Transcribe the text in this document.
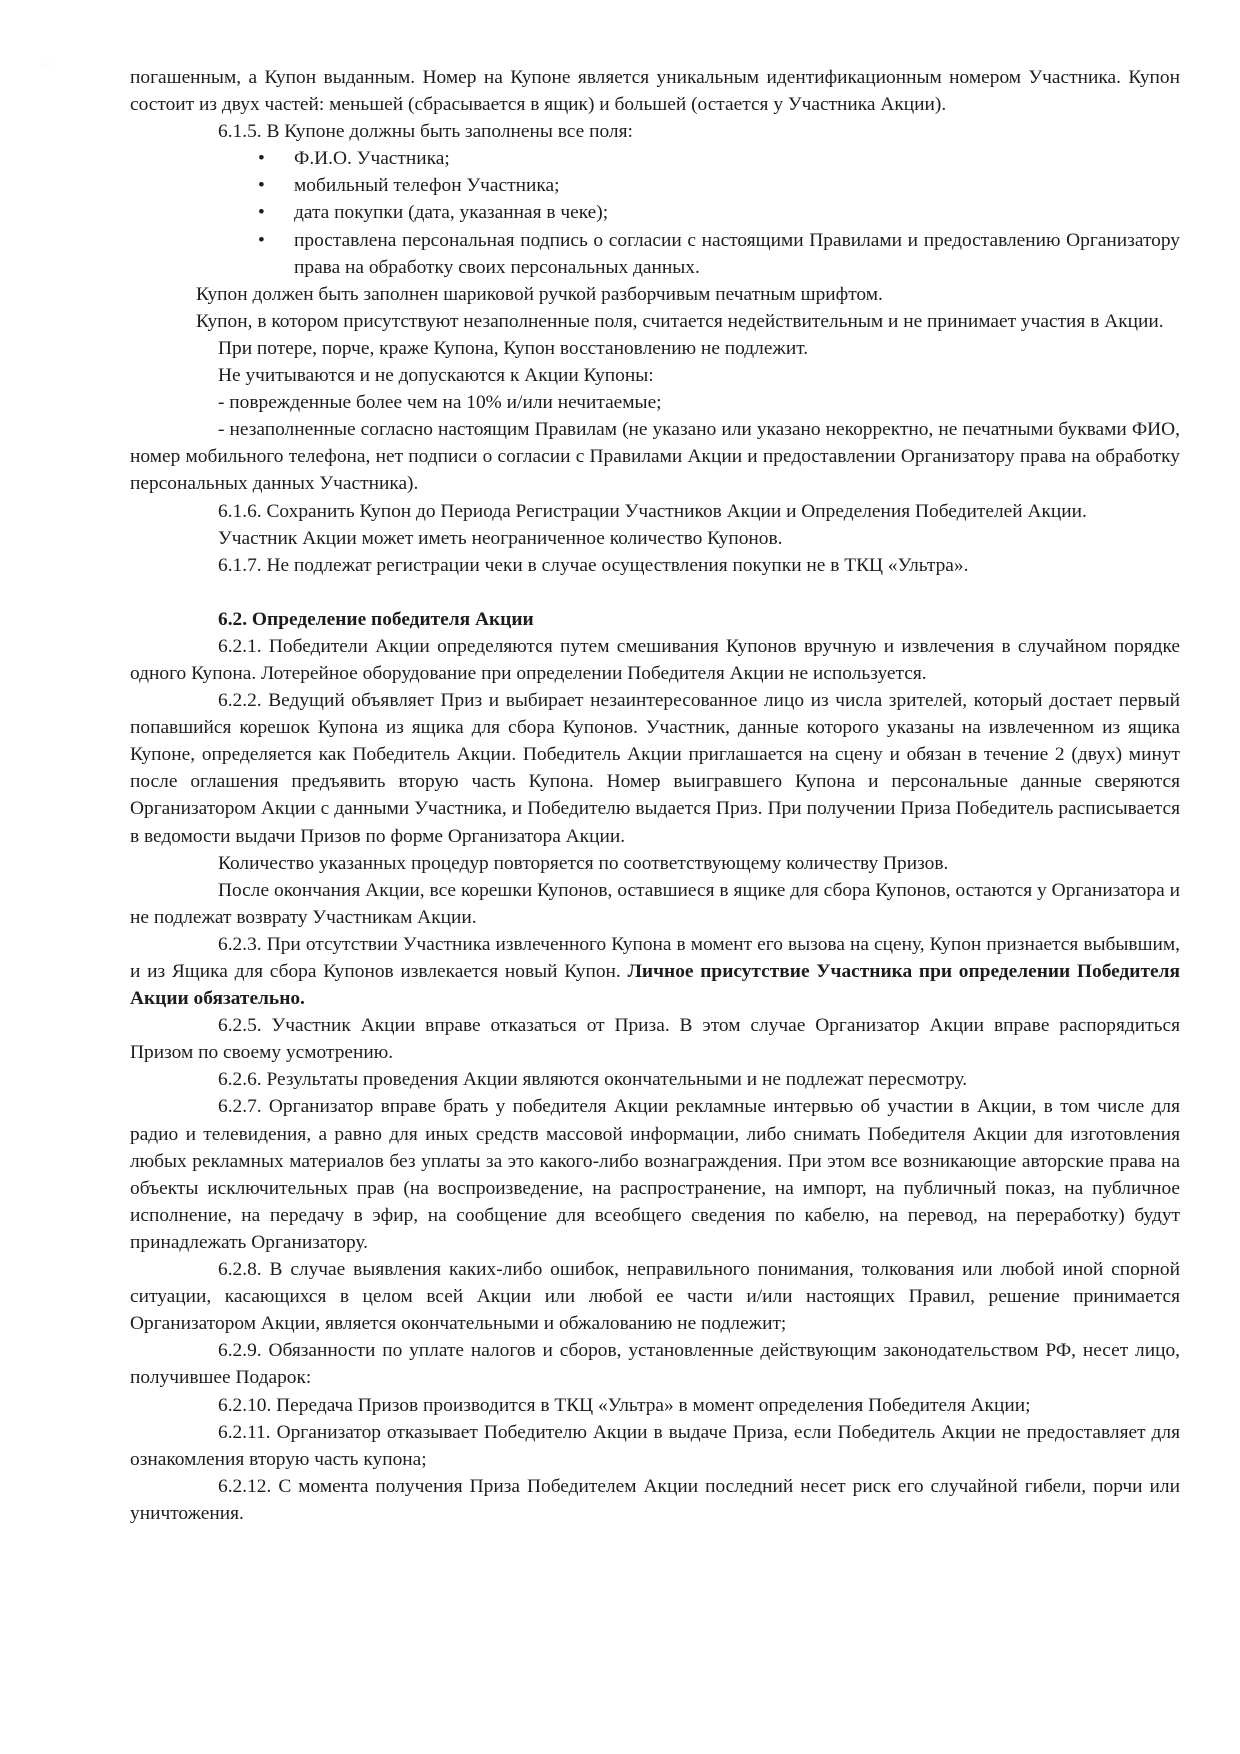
· ·

погашенным, а Купон выданным. Номер на Купоне является уникальным идентификационным номером Участника. Купон состоит из двух частей: меньшей (сбрасывается в ящик) и большей (остается у Участника Акции).

6.1.5. В Купоне должны быть заполнены все поля:

• Ф.И.О. Участника;
• мобильный телефон Участника;
• дата покупки (дата, указанная в чеке);
• проставлена персональная подпись о согласии с настоящими Правилами и предоставлению Организатору права на обработку своих персональных данных.

Купон должен быть заполнен шариковой ручкой разборчивым печатным шрифтом.

Купон, в котором присутствуют незаполненные поля, считается недействительным и не принимает участия в Акции.

При потере, порче, краже Купона, Купон восстановлению не подлежит.

Не учитываются и не допускаются к Акции Купоны:

- поврежденные более чем на 10% и/или нечитаемые;

- незаполненные согласно настоящим Правилам (не указано или указано некорректно, не печатными буквами ФИО, номер мобильного телефона, нет подписи о согласии с Правилами Акции и предоставлении Организатору права на обработку персональных данных Участника).

6.1.6. Сохранить Купон до Периода Регистрации Участников Акции и Определения Победителей Акции.

Участник Акции может иметь неограниченное количество Купонов.

6.1.7. Не подлежат регистрации чеки в случае осуществления покупки не в ТКЦ «Ультра».

6.2. Определение победителя Акции

6.2.1. Победители Акции определяются путем смешивания Купонов вручную и извлечения в случайном порядке одного Купона. Лотерейное оборудование при определении Победителя Акции не используется.

6.2.2. Ведущий объявляет Приз и выбирает незаинтересованное лицо из числа зрителей, который достает первый попавшийся корешок Купона из ящика для сбора Купонов. Участник, данные которого указаны на извлеченном из ящика Купоне, определяется как Победитель Акции. Победитель Акции приглашается на сцену и обязан в течение 2 (двух) минут после оглашения предъявить вторую часть Купона. Номер выигравшего Купона и персональные данные сверяются Организатором Акции с данными Участника, и Победителю выдается Приз. При получении Приза Победитель расписывается в ведомости выдачи Призов по форме Организатора Акции.

Количество указанных процедур повторяется по соответствующему количеству Призов.

После окончания Акции, все корешки Купонов, оставшиеся в ящике для сбора Купонов, остаются у Организатора и не подлежат возврату Участникам Акции.

6.2.3. При отсутствии Участника извлеченного Купона в момент его вызова на сцену, Купон признается выбывшим, и из Ящика для сбора Купонов извлекается новый Купон. Личное присутствие Участника при определении Победителя Акции обязательно.

6.2.5. Участник Акции вправе отказаться от Приза. В этом случае Организатор Акции вправе распорядиться Призом по своему усмотрению.

6.2.6. Результаты проведения Акции являются окончательными и не подлежат пересмотру.

6.2.7. Организатор вправе брать у победителя Акции рекламные интервью об участии в Акции, в том числе для радио и телевидения, а равно для иных средств массовой информации, либо снимать Победителя Акции для изготовления любых рекламных материалов без уплаты за это какого-либо вознаграждения. При этом все возникающие авторские права на объекты исключительных прав (на воспроизведение, на распространение, на импорт, на публичный показ, на публичное исполнение, на передачу в эфир, на сообщение для всеобщего сведения по кабелю, на перевод, на переработку) будут принадлежать Организатору.

6.2.8. В случае выявления каких-либо ошибок, неправильного понимания, толкования или любой иной спорной ситуации, касающихся в целом всей Акции или любой ее части и/или настоящих Правил, решение принимается Организатором Акции, является окончательными и обжалованию не подлежит;

6.2.9. Обязанности по уплате налогов и сборов, установленные действующим законодательством РФ, несет лицо, получившее Подарок:

6.2.10. Передача Призов производится в ТКЦ «Ультра» в момент определения Победителя Акции;

6.2.11. Организатор отказывает Победителю Акции в выдаче Приза, если Победитель Акции не предоставляет для ознакомления вторую часть купона;

6.2.12. С момента получения Приза Победителем Акции последний несет риск его случайной гибели, порчи или уничтожения.
